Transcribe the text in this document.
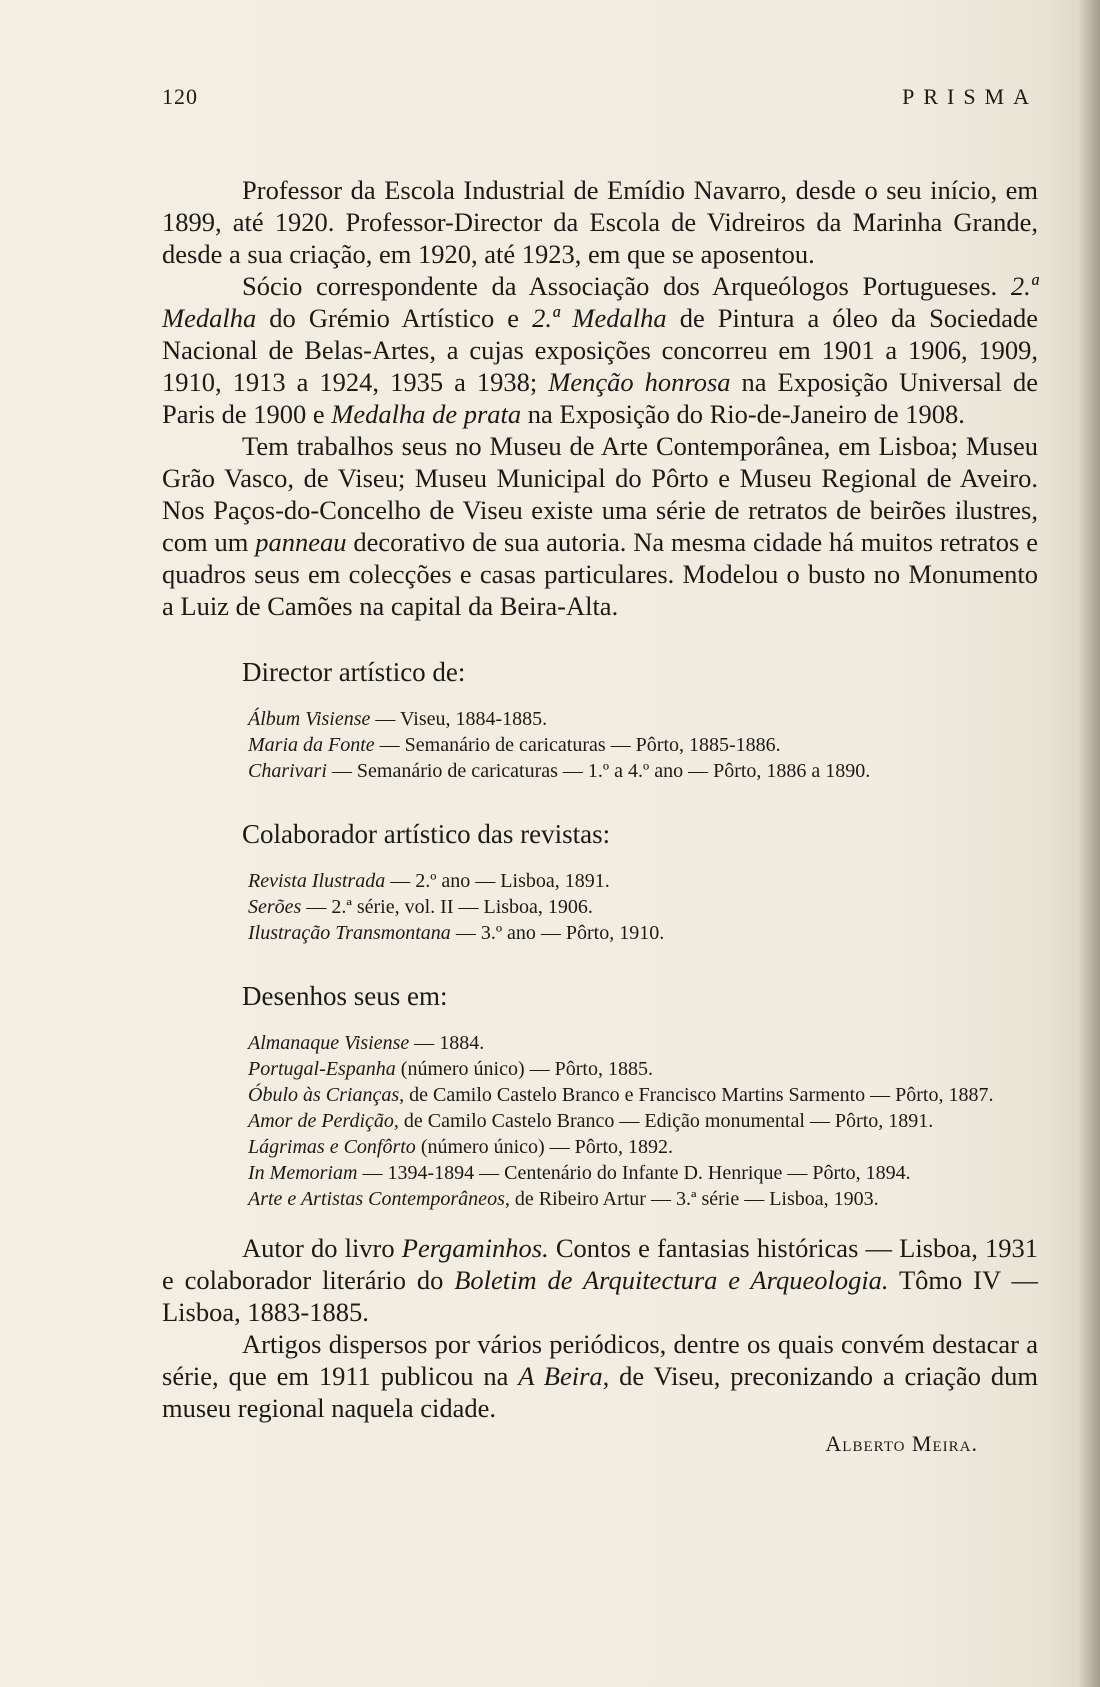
120	PRISMA

Professor da Escola Industrial de Emídio Navarro, desde o seu início, em 1899, até 1920. Professor-Director da Escola de Vidreiros da Marinha Grande, desde a sua criação, em 1920, até 1923, em que se aposentou.

Sócio correspondente da Associação dos Arqueólogos Portugueses. 2.ª Medalha do Grémio Artístico e 2.ª Medalha de Pintura a óleo da Sociedade Nacional de Belas-Artes, a cujas exposições concorreu em 1901 a 1906, 1909, 1910, 1913 a 1924, 1935 a 1938; Menção honrosa na Exposição Universal de Paris de 1900 e Medalha de prata na Exposição do Rio-de-Janeiro de 1908.

Tem trabalhos seus no Museu de Arte Contemporânea, em Lisboa; Museu Grão Vasco, de Viseu; Museu Municipal do Pôrto e Museu Regional de Aveiro. Nos Paços-do-Concelho de Viseu existe uma série de retratos de beirões ilustres, com um panneau decorativo de sua autoria. Na mesma cidade há muitos retratos e quadros seus em colecções e casas particulares. Modelou o busto no Monumento a Luiz de Camões na capital da Beira-Alta.

Director artístico de:

Álbum Visiense — Viseu, 1884-1885.

Maria da Fonte — Semanário de caricaturas — Pôrto, 1885-1886.

Charivari — Semanário de caricaturas — 1.º a 4.º ano — Pôrto, 1886 a 1890.

Colaborador artístico das revistas:

Revista Ilustrada — 2.º ano — Lisboa, 1891.

Serões — 2.ª série, vol. II — Lisboa, 1906.

Ilustração Transmontana — 3.º ano — Pôrto, 1910.

Desenhos seus em:

Almanaque Visiense — 1884.

Portugal-Espanha (número único) — Pôrto, 1885.

Óbulo às Crianças, de Camilo Castelo Branco e Francisco Martins Sarmento — Pôrto, 1887.

Amor de Perdição, de Camilo Castelo Branco — Edição monumental — Pôrto, 1891.

Lágrimas e Confôrto (número único) — Pôrto, 1892.

In Memoriam — 1394-1894 — Centenário do Infante D. Henrique — Pôrto, 1894.

Arte e Artistas Contemporâneos, de Ribeiro Artur — 3.ª série — Lisboa, 1903.

Autor do livro Pergaminhos. Contos e fantasias históricas — Lisboa, 1931 e colaborador literário do Boletim de Arquitectura e Arqueologia. Tômo IV — Lisboa, 1883-1885.

Artigos dispersos por vários periódicos, dentre os quais convém destacar a série, que em 1911 publicou na A Beira, de Viseu, preconizando a criação dum museu regional naquela cidade.

Alberto Meira.
